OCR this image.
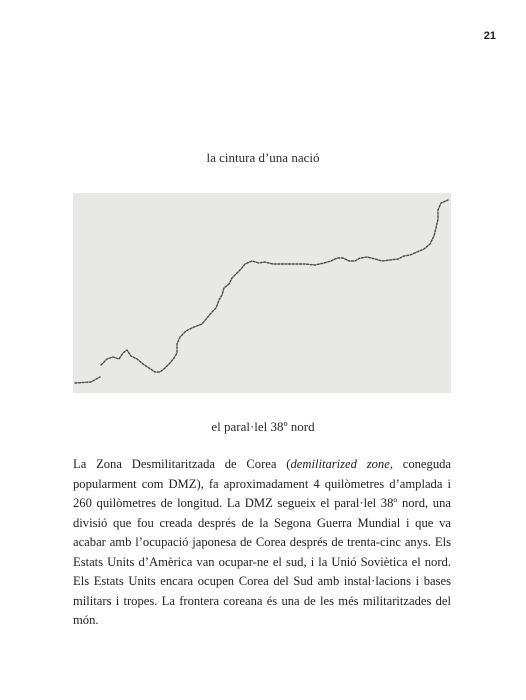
21
la cintura d’una nació
el paral·lel 38º nord

La Zona Desmilitaritzada de Corea (demilitarized zone, coneguda popularment com DMZ), fa aproximadament 4 quilòmetres d’amplada i 260 quilòmetres de longitud. La DMZ segueix el paral·lel 38º nord, una divisió que fou creada després de la Segona Guerra Mundial i que va acabar amb l’ocupació japonesa de Corea després de trenta-cinc anys. Els Estats Units d’Amèrica van ocupar-ne el sud, i la Unió Soviètica el nord. Els Estats Units encara ocupen Corea del Sud amb instal·lacions i bases militars i tropes. La frontera coreana és una de les més militaritzades del món.
